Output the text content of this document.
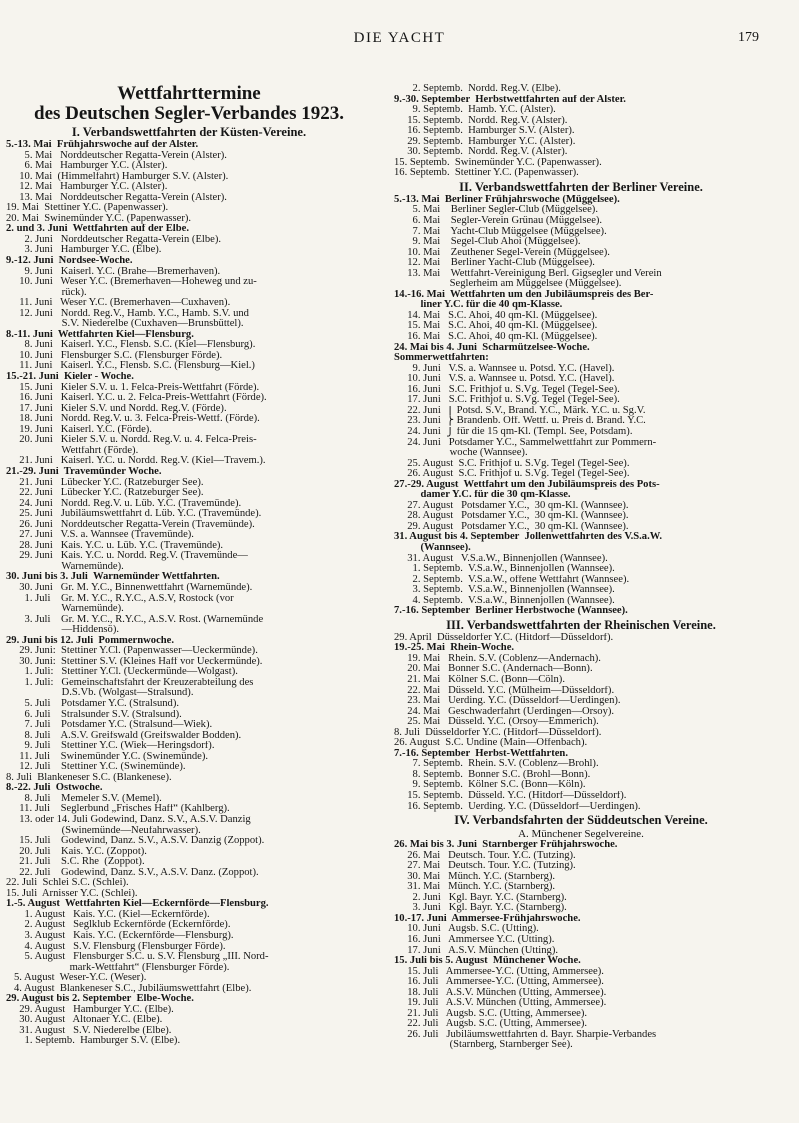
DIE YACHT	179
Wettfahrttermine
des Deutschen Segler-Verbandes 1923.
I. Verbandswettfahrten der Küsten-Vereine.
5.-13. Mai  Frühjahrswoche auf der Alster.
5. Mai   Norddeutscher Regatta-Verein (Alster).
6. Mai   Hamburger Y.C. (Alster).
10. Mai  (Himmelfahrt) Hamburger S.V. (Alster).
12. Mai   Hamburger Y.C. (Alster).
13. Mai   Norddeutscher Regatta-Verein (Alster).
19. Mai  Stettiner Y.C. (Papenwasser).
20. Mai  Swinemünder Y.C. (Papenwasser).
2. und 3. Juni  Wettfahrten auf der Elbe.
2. Juni   Norddeutscher Regatta-Verein (Elbe).
3. Juni   Hamburger Y.C. (Elbe).
9.-12. Juni  Nordsee-Woche.
9. Juni   Kaiserl. Y.C. (Brahe—Bremerhaven).
10. Juni   Weser Y.C. (Bremerhaven—Hoheweg und zu-
rück).
11. Juni   Weser Y.C. (Bremerhaven—Cuxhaven).
12. Juni   Nordd. Reg.V., Hamb. Y.C., Hamb. S.V. und
S.V. Niederelbe (Cuxhaven—Brunsbüttel).
8.-11. Juni  Wettfahrten Kiel—Flensburg.
8. Juni   Kaiserl. Y.C., Flensb. S.C. (Kiel—Flensburg).
10. Juni   Flensburger S.C. (Flensburger Förde).
11. Juni   Kaiserl. Y.C., Flensb. S.C. (Flensburg—Kiel.)
15.-21. Juni  Kieler - Woche.
15. Juni   Kieler S.V. u. 1. Felca-Preis-Wettfahrt (Förde).
16. Juni   Kaiserl. Y.C. u. 2. Felca-Preis-Wettfahrt (Förde).
17. Juni   Kieler S.V. und Nordd. Reg.V. (Förde).
18. Juni   Nordd. Reg.V. u. 3. Felca-Preis-Wettf. (Förde).
19. Juni   Kaiserl. Y.C. (Förde).
20. Juni   Kieler S.V. u. Nordd. Reg.V. u. 4. Felca-Preis-
Wettfahrt (Förde).
21. Juni   Kaiserl. Y.C. u. Nordd. Reg.V. (Kiel—Travem.).
21.-29. Juni  Travemünder Woche.
21. Juni   Lübecker Y.C. (Ratzeburger See).
22. Juni   Lübecker Y.C. (Ratzeburger See).
24. Juni   Nordd. Reg.V. u. Lüb. Y.C. (Travemünde).
25. Juni   Jubiläumswettfahrt d. Lüb. Y.C. (Travemünde).
26. Juni   Norddeutscher Regatta-Verein (Travemünde).
27. Juni   V.S. a. Wannsee (Travemünde).
28. Juni   Kais. Y.C. u. Lüb. Y.C. (Travemünde).
29. Juni   Kais. Y.C. u. Nordd. Reg.V. (Travemünde—
Warnemünde).
30. Juni bis 3. Juli  Warnemünder Wettfahrten.
30. Juni   Gr. M. Y.C., Binnenwettfahrt (Warnemünde).
1. Juli    Gr. M. Y.C., R.Y.C., A.S.V, Rostock (vor
Warnemünde).
3. Juli    Gr. M. Y.C., R.Y.C., A.S.V. Rost. (Warnemünde
—Hiddensö).
29. Juni bis 12. Juli  Pommernwoche.
29. Juni:  Stettiner Y.Cl. (Papenwasser—Ueckermünde).
30. Juni:  Stettiner S.V. (Kleines Haff vor Ueckermünde).
1. Juli:   Stettiner Y.Cl. (Ueckermünde—Wolgast).
1. Juli:   Gemeinschaftsfahrt der Kreuzerabteilung des
D.S.Vb. (Wolgast—Stralsund).
5. Juli    Potsdamer Y.C. (Stralsund).
6. Juli    Stralsunder S.V. (Stralsund).
7. Juli    Potsdamer Y.C. (Stralsund—Wiek).
8. Juli    A.S.V. Greifswald (Greifswalder Bodden).
9. Juli    Stettiner Y.C. (Wiek—Heringsdorf).
11. Juli    Swinemünder Y.C. (Swinemünde).
12. Juli    Stettiner Y.C. (Swinemünde).
8. Juli  Blankeneser S.C. (Blankenese).
8.-22. Juli  Ostwoche.
8. Juli    Memeler S.V. (Memel).
11. Juli    Seglerbund „Frisches Haff“ (Kahlberg).
13. oder 14. Juli Godewind, Danz. S.V., A.S.V. Danzig
(Swinemünde—Neufahrwasser).
15. Juli    Godewind, Danz. S.V., A.S.V. Danzig (Zoppot).
20. Juli    Kais. Y.C. (Zoppot).
21. Juli    S.C. Rhe  (Zoppot).
22. Juli    Godewind, Danz. S.V., A.S.V. Danz. (Zoppot).
22. Juli  Schlei S.C. (Schlei).
15. Juli  Arnisser Y.C. (Schlei).
1.-5. August  Wettfahrten Kiel—Eckernförde—Flensburg.
1. August   Kais. Y.C. (Kiel—Eckernförde).
2. August   Seglklub Eckernförde (Eckernförde).
3. August   Kais. Y.C. (Eckernförde—Flensburg).
4. August   S.V. Flensburg (Flensburger Förde).
5. August   Flensburger S.C. u. S.V. Flensburg „III. Nord-
mark-Wettfahrt“ (Flensburger Förde).
5. August  Weser-Y.C. (Weser).
4. August  Blankeneser S.C., Jubiläumswettfahrt (Elbe).
29. August bis 2. September  Elbe-Woche.
29. August   Hamburger Y.C. (Elbe).
30. August   Altonaer Y.C. (Elbe).
31. August   S.V. Niederelbe (Elbe).
1. Septemb.  Hamburger S.V. (Elbe).
2. Septemb.  Nordd. Reg.V. (Elbe).
9.-30. September  Herbstwettfahrten auf der Alster.
9. Septemb.  Hamb. Y.C. (Alster).
15. Septemb.  Nordd. Reg.V. (Alster).
16. Septemb.  Hamburger S.V. (Alster).
29. Septemb.  Hamburger Y.C. (Alster).
30. Septemb.  Nordd. Reg.V. (Alster).
15. Septemb.  Swinemünder Y.C. (Papenwasser).
16. Septemb.  Stettiner Y.C. (Papenwasser).
II. Verbandswettfahrten der Berliner Vereine.
5.-13. Mai  Berliner Frühjahrswoche (Müggelsee).
5. Mai    Berliner Segler-Club (Müggelsee).
6. Mai    Segler-Verein Grünau (Müggelsee).
7. Mai    Yacht-Club Müggelsee (Müggelsee).
9. Mai    Segel-Club Ahoi (Müggelsee).
10. Mai    Zeuthener Segel-Verein (Müggelsee).
12. Mai    Berliner Yacht-Club (Müggelsee).
13. Mai    Wettfahrt-Vereinigung Berl. Gigsegler und Verein
Seglerheim am Müggelsee (Müggelsee).
14.-16. Mai  Wettfahrten um den Jubiläumspreis des Ber-
liner Y.C. für die 40 qm-Klasse.
14. Mai   S.C. Ahoi, 40 qm-Kl. (Müggelsee).
15. Mai   S.C. Ahoi, 40 qm-Kl. (Müggelsee).
16. Mai   S.C. Ahoi, 40 qm-Kl. (Müggelsee).
24. Mai bis 4. Juni  Scharmützelsee-Woche.
Sommerwettfahrten:
9. Juni   V.S. a. Wannsee u. Potsd. Y.C. (Havel).
10. Juni   V.S. a. Wannsee u. Potsd. Y.C. (Havel).
16. Juni   S.C. Frithjof u. S.Vg. Tegel (Tegel-See).
17. Juni   S.C. Frithjof u. S.Vg. Tegel (Tegel-See).
22. Juni  ⎫ Potsd. S.V., Brand. Y.C., Märk. Y.C. u. Sg.V.
23. Juni  ⎬ Brandenb. Öff. Wettf. u. Preis d. Brand. Y.C.
24. Juni  ⎭ für die 15 qm-Kl. (Templ. See, Potsdam).
24. Juni   Potsdamer Y.C., Sammelwettfahrt zur Pommern-
woche (Wannsee).
25. August  S.C. Frithjof u. S.Vg. Tegel (Tegel-See).
26. August  S.C. Frithjof u. S.Vg. Tegel (Tegel-See).
27.-29. August  Wettfahrt um den Jubiläumspreis des Pots-
damer Y.C. für die 30 qm-Klasse.
27. August   Potsdamer Y.C.,  30 qm-Kl. (Wannsee).
28. August   Potsdamer Y.C.,  30 qm-Kl. (Wannsee).
29. August   Potsdamer Y.C.,  30 qm-Kl. (Wannsee).
31. August bis 4. September  Jollenwettfahrten des V.S.a.W.
(Wannsee).
31. August   V.S.a.W., Binnenjollen (Wannsee).
1. Septemb.  V.S.a.W., Binnenjollen (Wannsee).
2. Septemb.  V.S.a.W., offene Wettfahrt (Wannsee).
3. Septemb.  V.S.a.W., Binnenjollen (Wannsee).
4. Septemb.  V.S.a.W., Binnenjollen (Wannsee).
7.-16. September  Berliner Herbstwoche (Wannsee).
III. Verbandswettfahrten der Rheinischen Vereine.
29. April  Düsseldorfer Y.C. (Hitdorf—Düsseldorf).
19.-25. Mai  Rhein-Woche.
19. Mai   Rhein. S.V. (Coblenz—Andernach).
20. Mai   Bonner S.C. (Andernach—Bonn).
21. Mai   Kölner S.C. (Bonn—Cöln).
22. Mai   Düsseld. Y.C. (Mülheim—Düsseldorf).
23. Mai   Uerding. Y.C. (Düsseldorf—Uerdingen).
24. Mai   Geschwaderfahrt (Uerdingen—Orsoy).
25. Mai   Düsseld. Y.C. (Orsoy—Emmerich).
8. Juli  Düsseldorfer Y.C. (Hitdorf—Düsseldorf).
26. August  S.C. Undine (Main—Offenbach).
7.-16. September  Herbst-Wettfahrten.
7. Septemb.  Rhein. S.V. (Coblenz—Brohl).
8. Septemb.  Bonner S.C. (Brohl—Bonn).
9. Septemb.  Kölner S.C. (Bonn—Köln).
15. Septemb.  Düsseld. Y.C. (Hitdorf—Düsseldorf).
16. Septemb.  Uerding. Y.C. (Düsseldorf—Uerdingen).
IV. Verbandsfahrten der Süddeutschen Vereine.
A. Münchener Segelvereine.
26. Mai bis 3. Juni  Starnberger Frühjahrswoche.
26. Mai   Deutsch. Tour. Y.C. (Tutzing).
27. Mai   Deutsch. Tour. Y.C. (Tutzing).
30. Mai   Münch. Y.C. (Starnberg).
31. Mai   Münch. Y.C. (Starnberg).
2. Juni   Kgl. Bayr. Y.C. (Starnberg).
3. Juni   Kgl. Bayr. Y.C. (Starnberg).
10.-17. Juni  Ammersee-Frühjahrswoche.
10. Juni   Augsb. S.C. (Utting).
16. Juni   Ammersee Y.C. (Utting).
17. Juni   A.S.V. München (Utting).
15. Juli bis 5. August  Münchener Woche.
15. Juli   Ammersee-Y.C. (Utting, Ammersee).
16. Juli   Ammersee-Y.C. (Utting, Ammersee).
18. Juli   A.S.V. München (Utting, Ammersee).
19. Juli   A.S.V. München (Utting, Ammersee).
21. Juli   Augsb. S.C. (Utting, Ammersee).
22. Juli   Augsb. S.C. (Utting, Ammersee).
26. Juli   Jubiläumswettfahrten d. Bayr. Sharpie-Verbandes
(Starnberg, Starnberger See).
